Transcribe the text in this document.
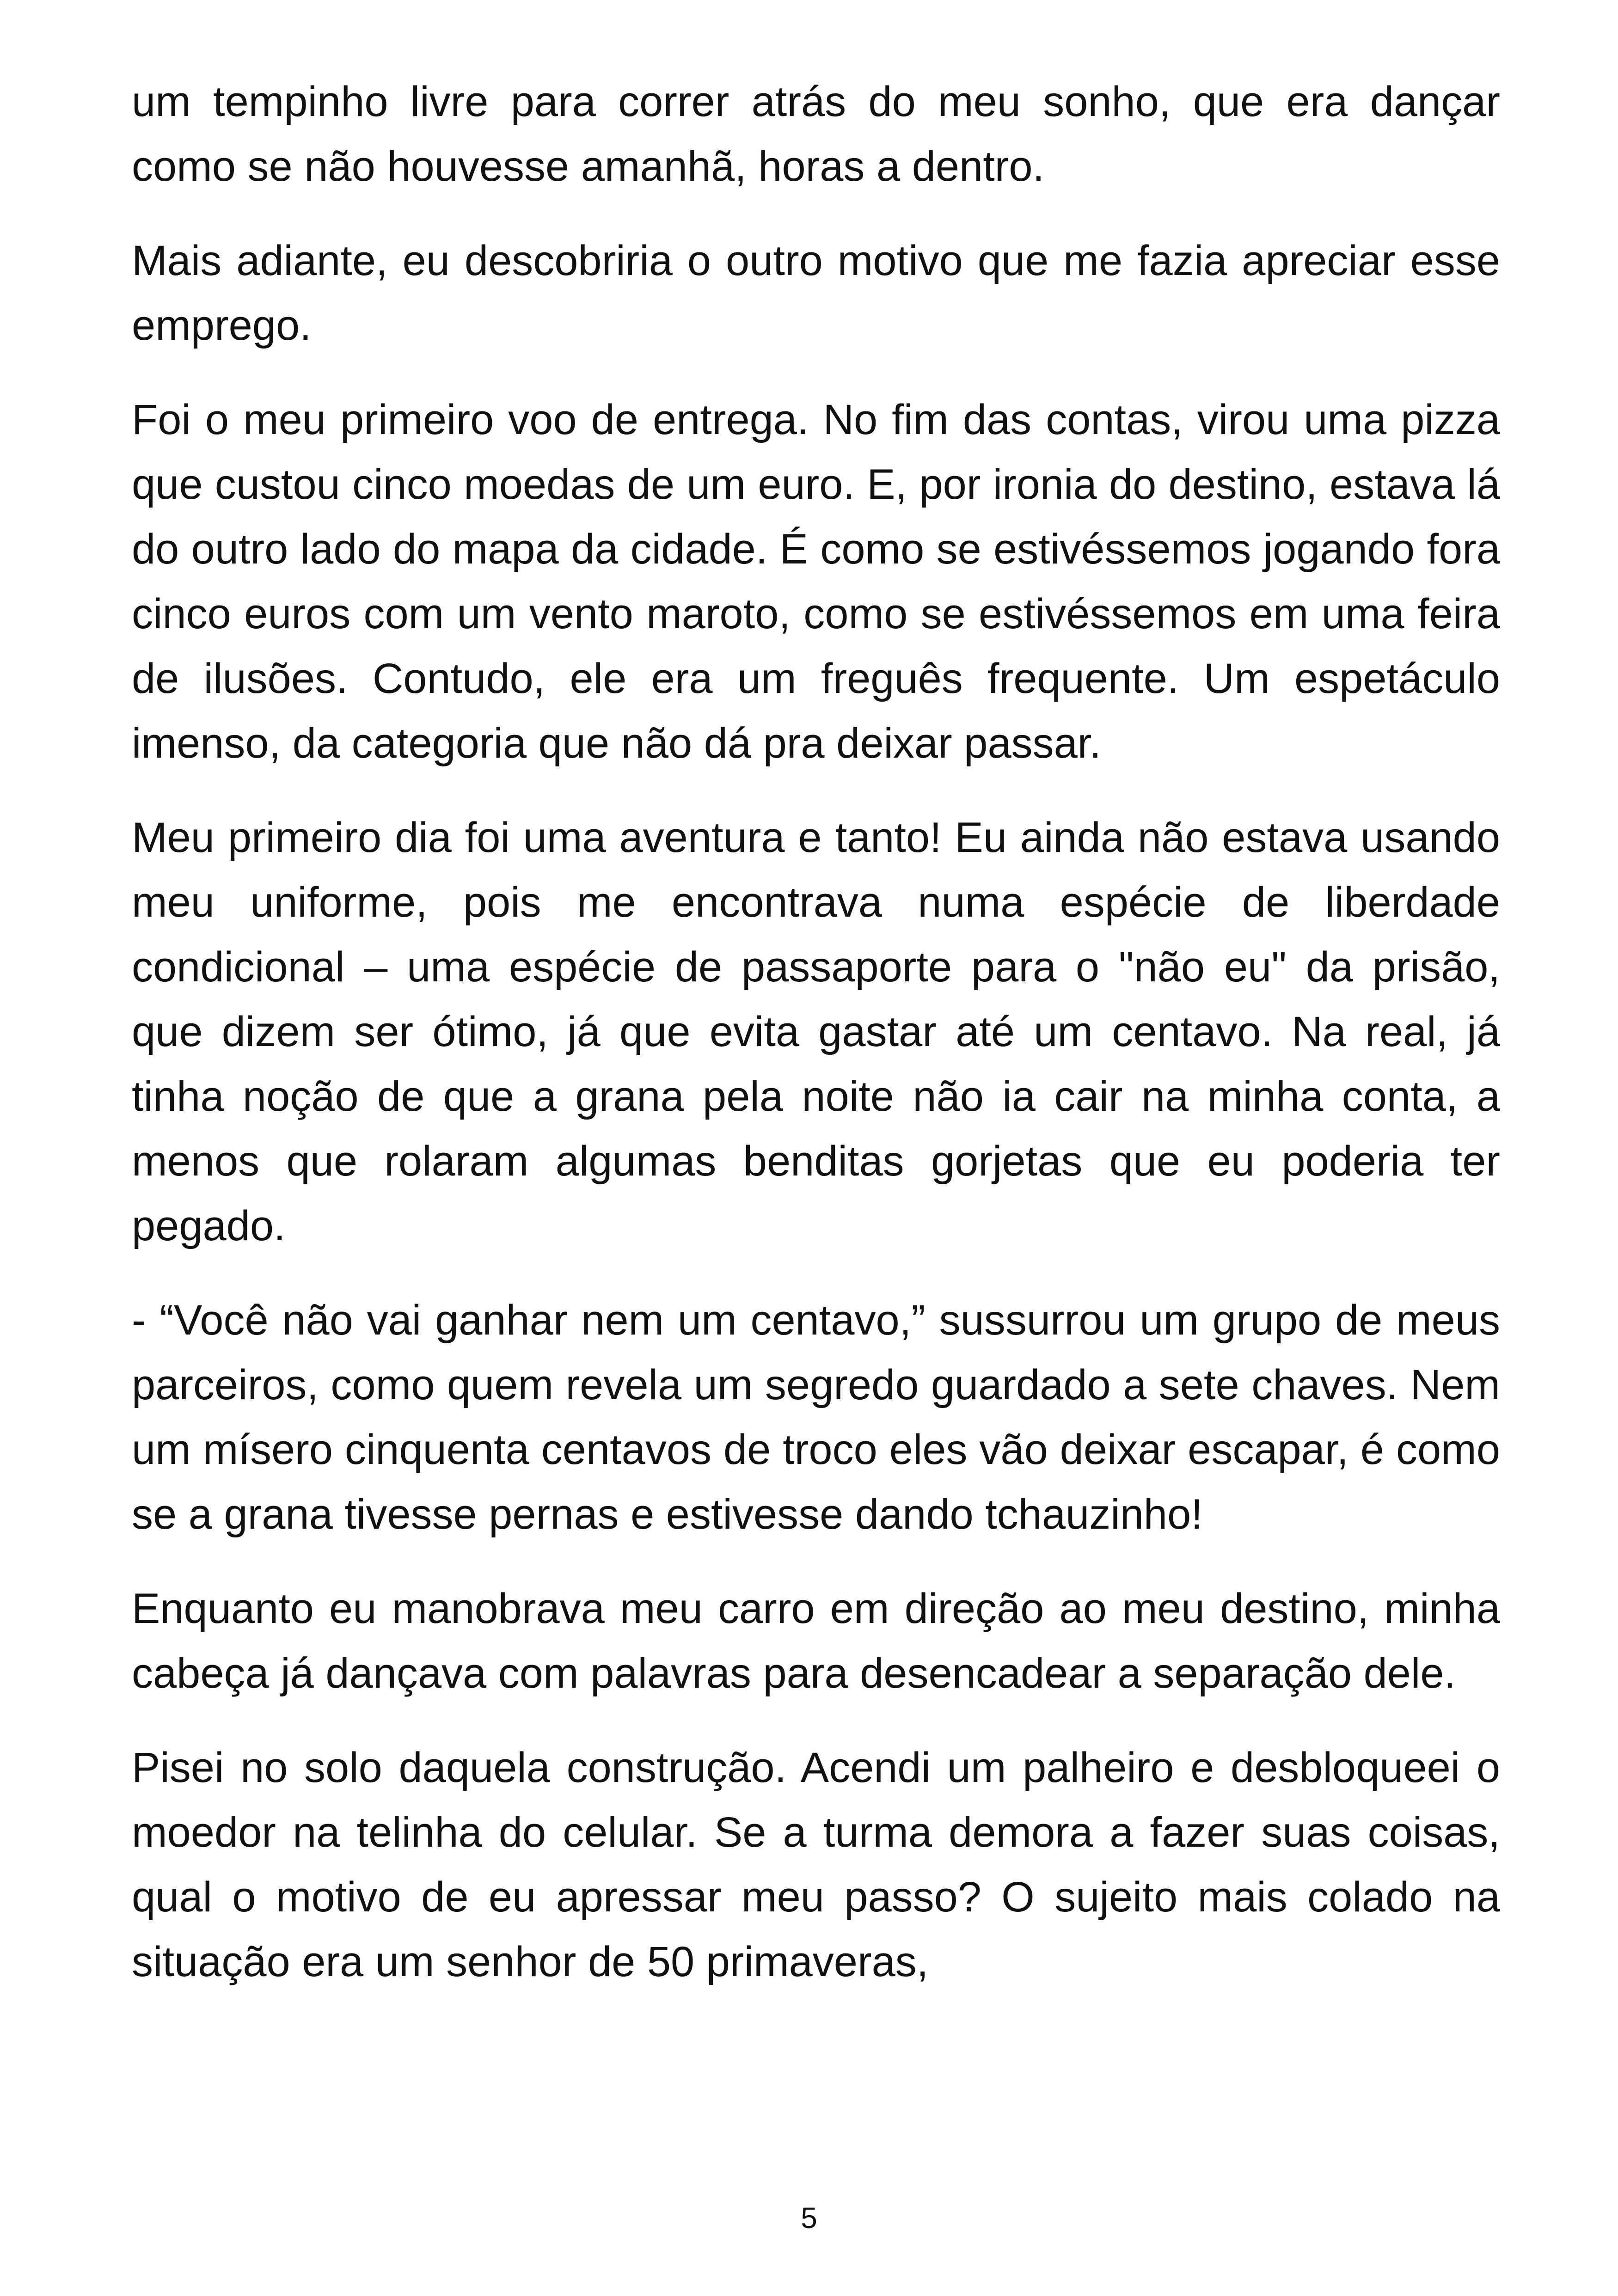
um tempinho livre para correr atrás do meu sonho, que era dançar como se não houvesse amanhã, horas a dentro.

Mais adiante, eu descobriria o outro motivo que me fazia apreciar esse emprego.

Foi o meu primeiro voo de entrega. No fim das contas, virou uma pizza que custou cinco moedas de um euro. E, por ironia do destino, estava lá do outro lado do mapa da cidade. É como se estivéssemos jogando fora cinco euros com um vento maroto, como se estivéssemos em uma feira de ilusões. Contudo, ele era um freguês frequente. Um espetáculo imenso, da categoria que não dá pra deixar passar.

Meu primeiro dia foi uma aventura e tanto! Eu ainda não estava usando meu uniforme, pois me encontrava numa espécie de liberdade condicional – uma espécie de passaporte para o "não eu" da prisão, que dizem ser ótimo, já que evita gastar até um centavo. Na real, já tinha noção de que a grana pela noite não ia cair na minha conta, a menos que rolaram algumas benditas gorjetas que eu poderia ter pegado.

- “Você não vai ganhar nem um centavo,” sussurrou um grupo de meus parceiros, como quem revela um segredo guardado a sete chaves. Nem um mísero cinquenta centavos de troco eles vão deixar escapar, é como se a grana tivesse pernas e estivesse dando tchauzinho!

Enquanto eu manobrava meu carro em direção ao meu destino, minha cabeça já dançava com palavras para desencadear a separação dele.

Pisei no solo daquela construção. Acendi um palheiro e desbloqueei o moedor na telinha do celular. Se a turma demora a fazer suas coisas, qual o motivo de eu apressar meu passo? O sujeito mais colado na situação era um senhor de 50 primaveras,

5
